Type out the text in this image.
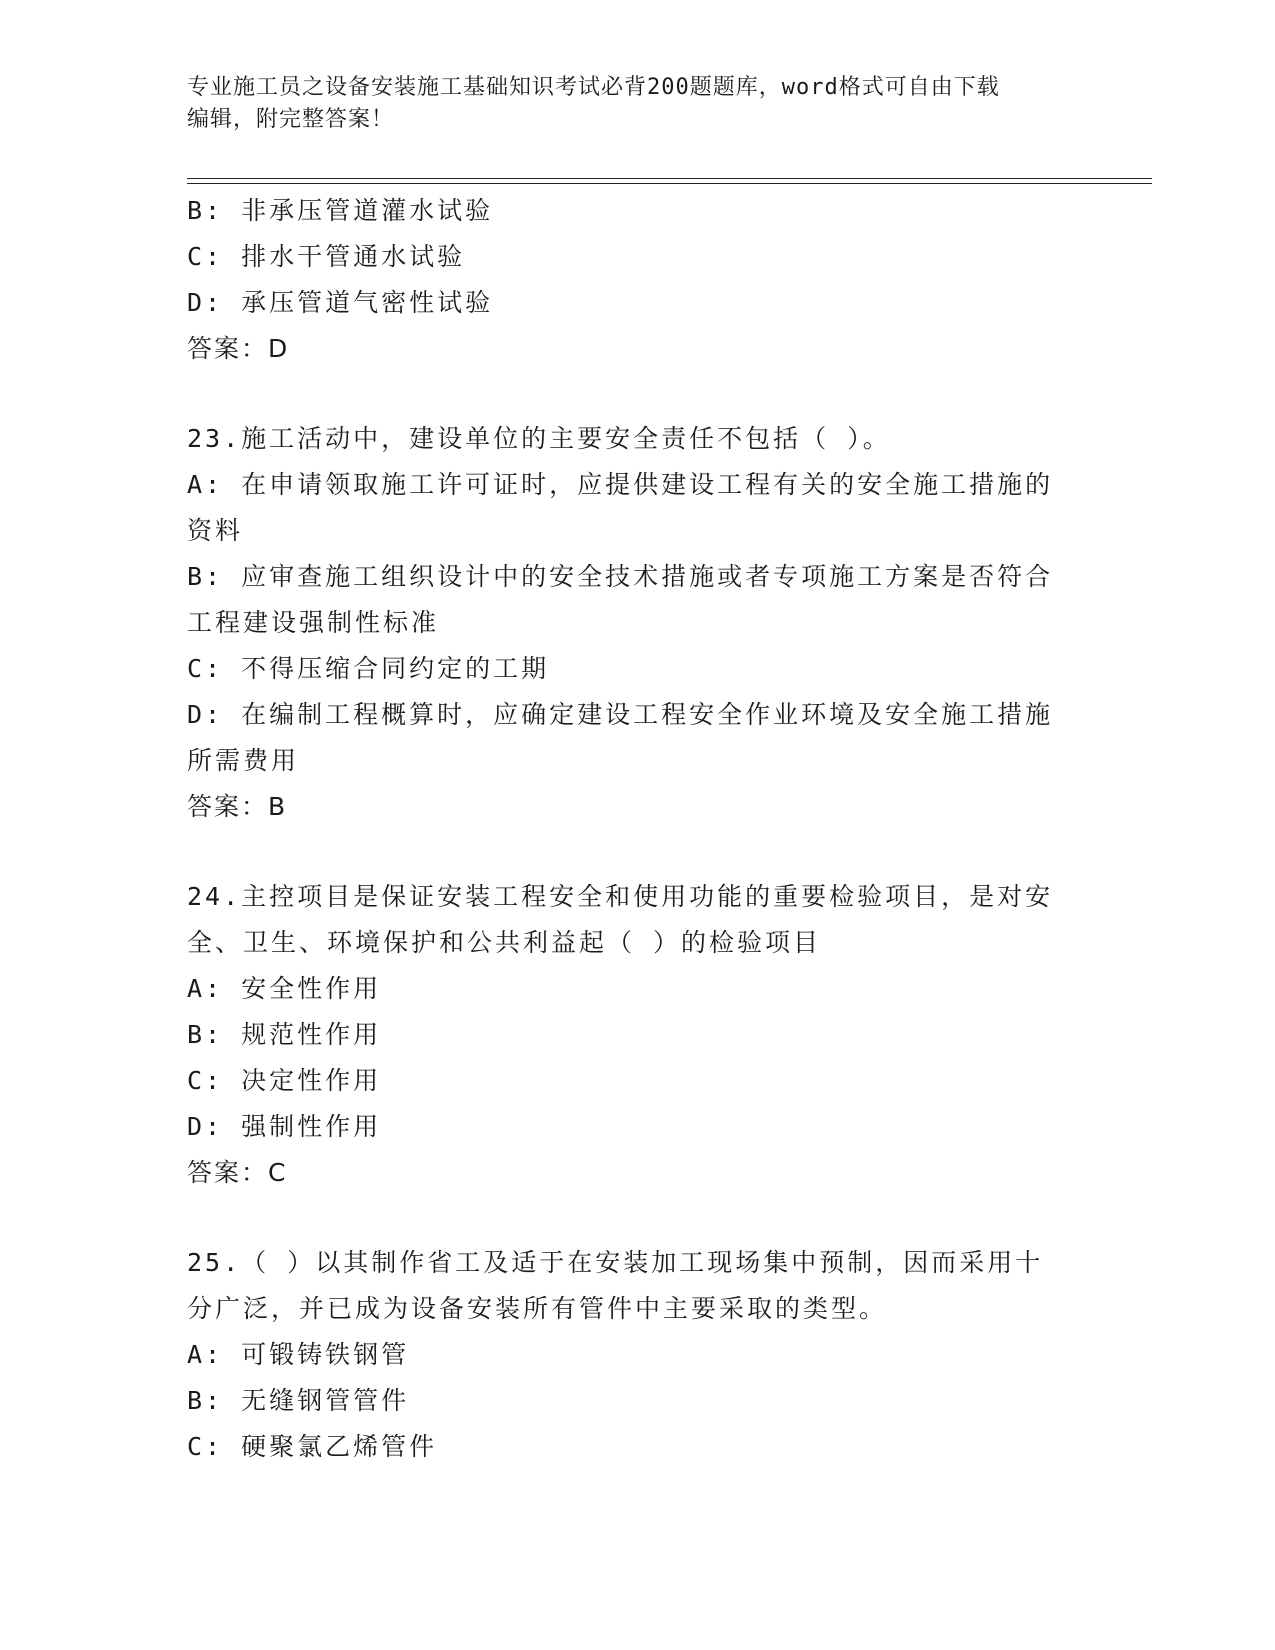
专业施工员之设备安装施工基础知识考试必背200题题库，word格式可自由下载
编辑，附完整答案！
B: 非承压管道灌水试验
C: 排水干管通水试验
D: 承压管道气密性试验
答案：D
23.施工活动中，建设单位的主要安全责任不包括（ ）。
A: 在申请领取施工许可证时，应提供建设工程有关的安全施工措施的
资料
B: 应审查施工组织设计中的安全技术措施或者专项施工方案是否符合
工程建设强制性标准
C: 不得压缩合同约定的工期
D: 在编制工程概算时，应确定建设工程安全作业环境及安全施工措施
所需费用
答案：B
24.主控项目是保证安装工程安全和使用功能的重要检验项目，是对安
全、卫生、环境保护和公共利益起（ ）的检验项目
A: 安全性作用
B: 规范性作用
C: 决定性作用
D: 强制性作用
答案：C
25.（ ）以其制作省工及适于在安装加工现场集中预制，因而采用十
分广泛，并已成为设备安装所有管件中主要采取的类型。
A: 可锻铸铁钢管
B: 无缝钢管管件
C: 硬聚氯乙烯管件
